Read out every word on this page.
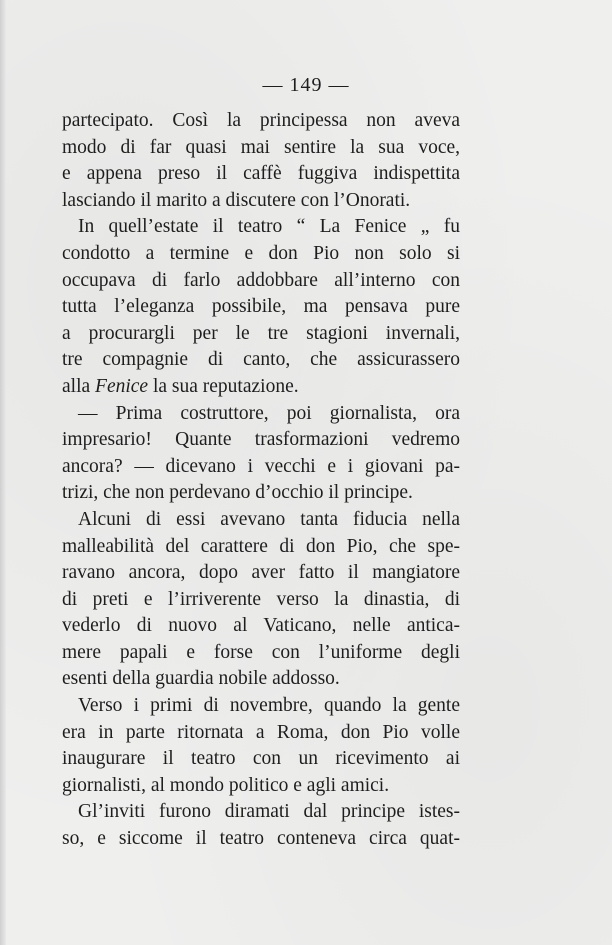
— 149 —
partecipato. Così la principessa non aveva
modo di far quasi mai sentire la sua voce,
e appena preso il caffè fuggiva indispettita
lasciando il marito a discutere con l’Onorati.
In quell’estate il teatro “ La Fenice „ fu
condotto a termine e don Pio non solo si
occupava di farlo addobbare all’interno con
tutta l’eleganza possibile, ma pensava pure
a procurargli per le tre stagioni invernali,
tre compagnie di canto, che assicurassero
alla Fenice la sua reputazione.
— Prima costruttore, poi giornalista, ora
impresario! Quante trasformazioni vedremo
ancora? — dicevano i vecchi e i giovani pa-
trizi, che non perdevano d’occhio il principe.
Alcuni di essi avevano tanta fiducia nella
malleabilità del carattere di don Pio, che spe-
ravano ancora, dopo aver fatto il mangiatore
di preti e l’irriverente verso la dinastia, di
vederlo di nuovo al Vaticano, nelle antica-
mere papali e forse con l’uniforme degli
esenti della guardia nobile addosso.
Verso i primi di novembre, quando la gente
era in parte ritornata a Roma, don Pio volle
inaugurare il teatro con un ricevimento ai
giornalisti, al mondo politico e agli amici.
Gl’inviti furono diramati dal principe istes-
so, e siccome il teatro conteneva circa quat-
